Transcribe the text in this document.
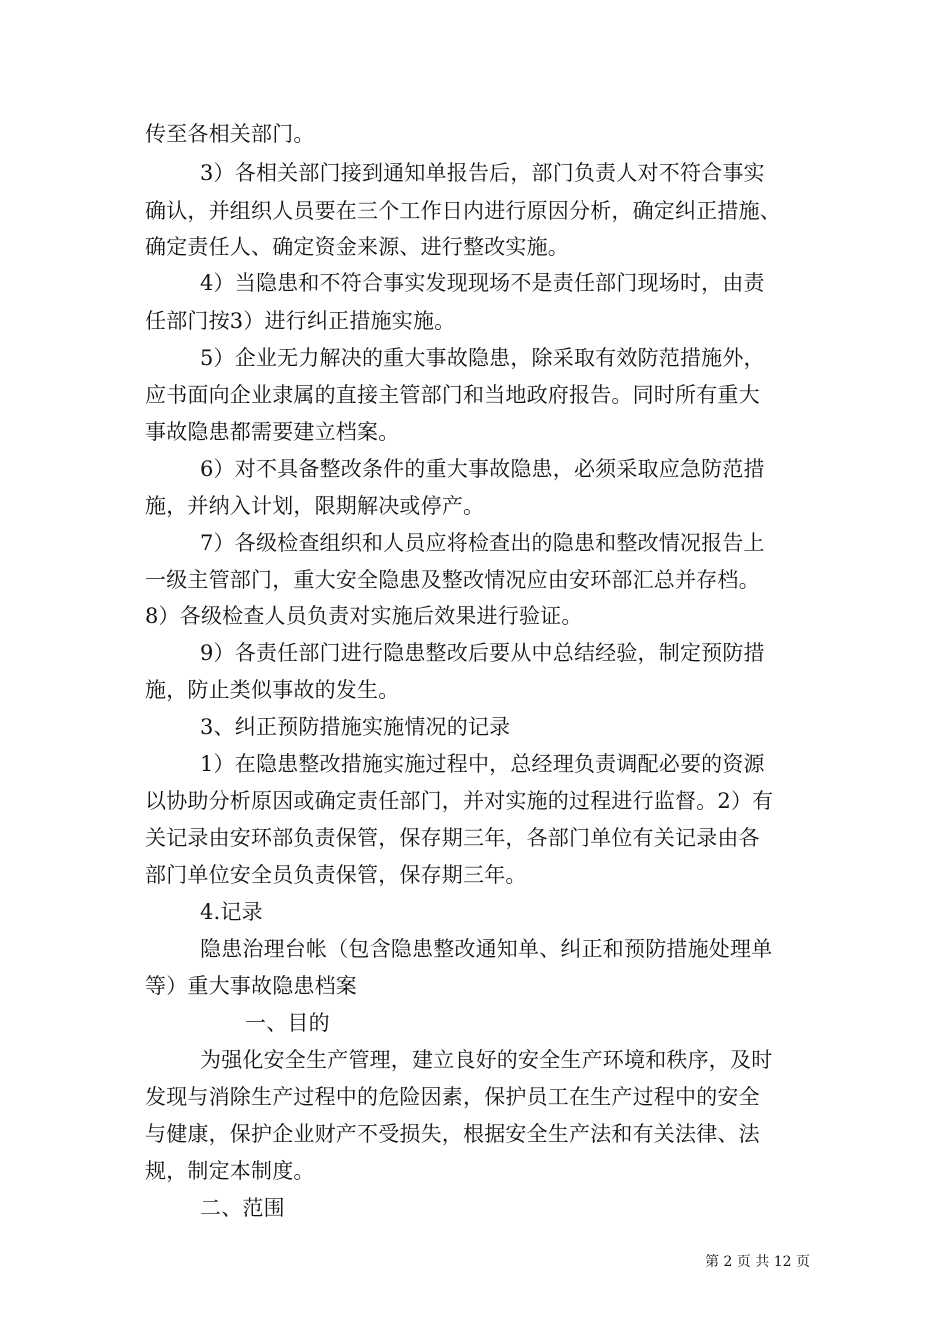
传至各相关部门。
3）各相关部门接到通知单报告后，部门负责人对不符合事实
确认，并组织人员要在三个工作日内进行原因分析，确定纠正措施、
确定责任人、确定资金来源、进行整改实施。
4）当隐患和不符合事实发现现场不是责任部门现场时，由责
任部门按3）进行纠正措施实施。
5）企业无力解决的重大事故隐患，除采取有效防范措施外，
应书面向企业隶属的直接主管部门和当地政府报告。同时所有重大
事故隐患都需要建立档案。
6）对不具备整改条件的重大事故隐患，必须采取应急防范措
施，并纳入计划，限期解决或停产。
7）各级检查组织和人员应将检查出的隐患和整改情况报告上
一级主管部门，重大安全隐患及整改情况应由安环部汇总并存档。
8）各级检查人员负责对实施后效果进行验证。
9）各责任部门进行隐患整改后要从中总结经验，制定预防措
施，防止类似事故的发生。
3、纠正预防措施实施情况的记录
1）在隐患整改措施实施过程中，总经理负责调配必要的资源
以协助分析原因或确定责任部门，并对实施的过程进行监督。2）有
关记录由安环部负责保管，保存期三年，各部门单位有关记录由各
部门单位安全员负责保管，保存期三年。
4.记录
隐患治理台帐（包含隐患整改通知单、纠正和预防措施处理单
等）重大事故隐患档案
一、目的
为强化安全生产管理，建立良好的安全生产环境和秩序，及时
发现与消除生产过程中的危险因素，保护员工在生产过程中的安全
与健康，保护企业财产不受损失，根据安全生产法和有关法律、法
规，制定本制度。
二、范围
第 2 页 共 12 页
